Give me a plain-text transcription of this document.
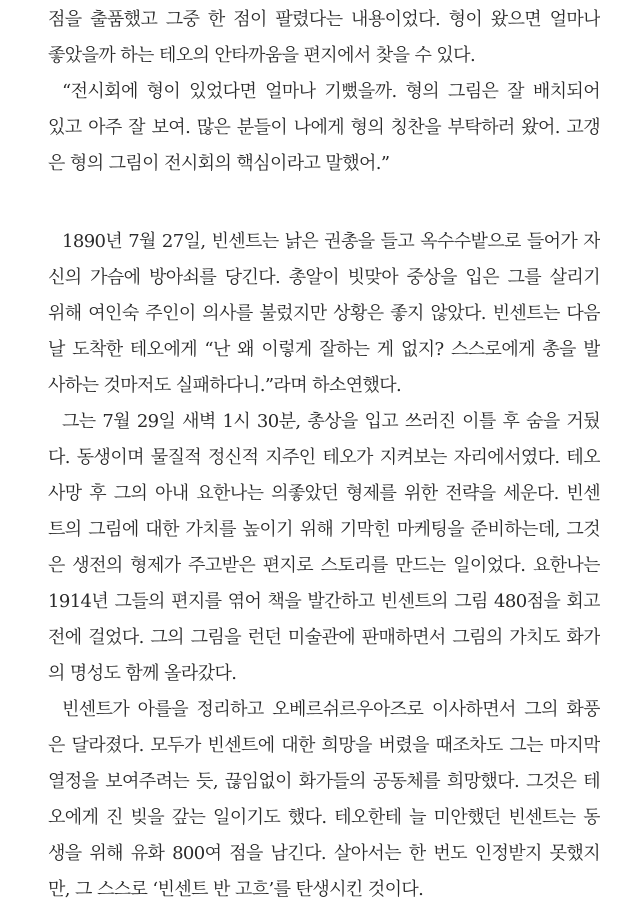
점을 출품했고 그중 한 점이 팔렸다는 내용이었다. 형이 왔으면 얼마나
좋았을까 하는 테오의 안타까움을 편지에서 찾을 수 있다.
“전시회에 형이 있었다면 얼마나 기뻤을까. 형의 그림은 잘 배치되어
있고 아주 잘 보여. 많은 분들이 나에게 형의 칭찬을 부탁하러 왔어. 고갱
은 형의 그림이 전시회의 핵심이라고 말했어.”
1890년 7월 27일, 빈센트는 낡은 권총을 들고 옥수수밭으로 들어가 자
신의 가슴에 방아쇠를 당긴다. 총알이 빗맞아 중상을 입은 그를 살리기
위해 여인숙 주인이 의사를 불렀지만 상황은 좋지 않았다. 빈센트는 다음
날 도착한 테오에게 “난 왜 이렇게 잘하는 게 없지? 스스로에게 총을 발
사하는 것마저도 실패하다니.”라며 하소연했다.
그는 7월 29일 새벽 1시 30분, 총상을 입고 쓰러진 이틀 후 숨을 거뒀
다. 동생이며 물질적 정신적 지주인 테오가 지켜보는 자리에서였다. 테오
사망 후 그의 아내 요한나는 의좋았던 형제를 위한 전략을 세운다. 빈센
트의 그림에 대한 가치를 높이기 위해 기막힌 마케팅을 준비하는데, 그것
은 생전의 형제가 주고받은 편지로 스토리를 만드는 일이었다. 요한나는
1914년 그들의 편지를 엮어 책을 발간하고 빈센트의 그림 480점을 회고
전에 걸었다. 그의 그림을 런던 미술관에 판매하면서 그림의 가치도 화가
의 명성도 함께 올라갔다.
빈센트가 아를을 정리하고 오베르쉬르우아즈로 이사하면서 그의 화풍
은 달라졌다. 모두가 빈센트에 대한 희망을 버렸을 때조차도 그는 마지막
열정을 보여주려는 듯, 끊임없이 화가들의 공동체를 희망했다. 그것은 테
오에게 진 빚을 갚는 일이기도 했다. 테오한테 늘 미안했던 빈센트는 동
생을 위해 유화 800여 점을 남긴다. 살아서는 한 번도 인정받지 못했지
만, 그 스스로 ‘빈센트 반 고흐’를 탄생시킨 것이다.
